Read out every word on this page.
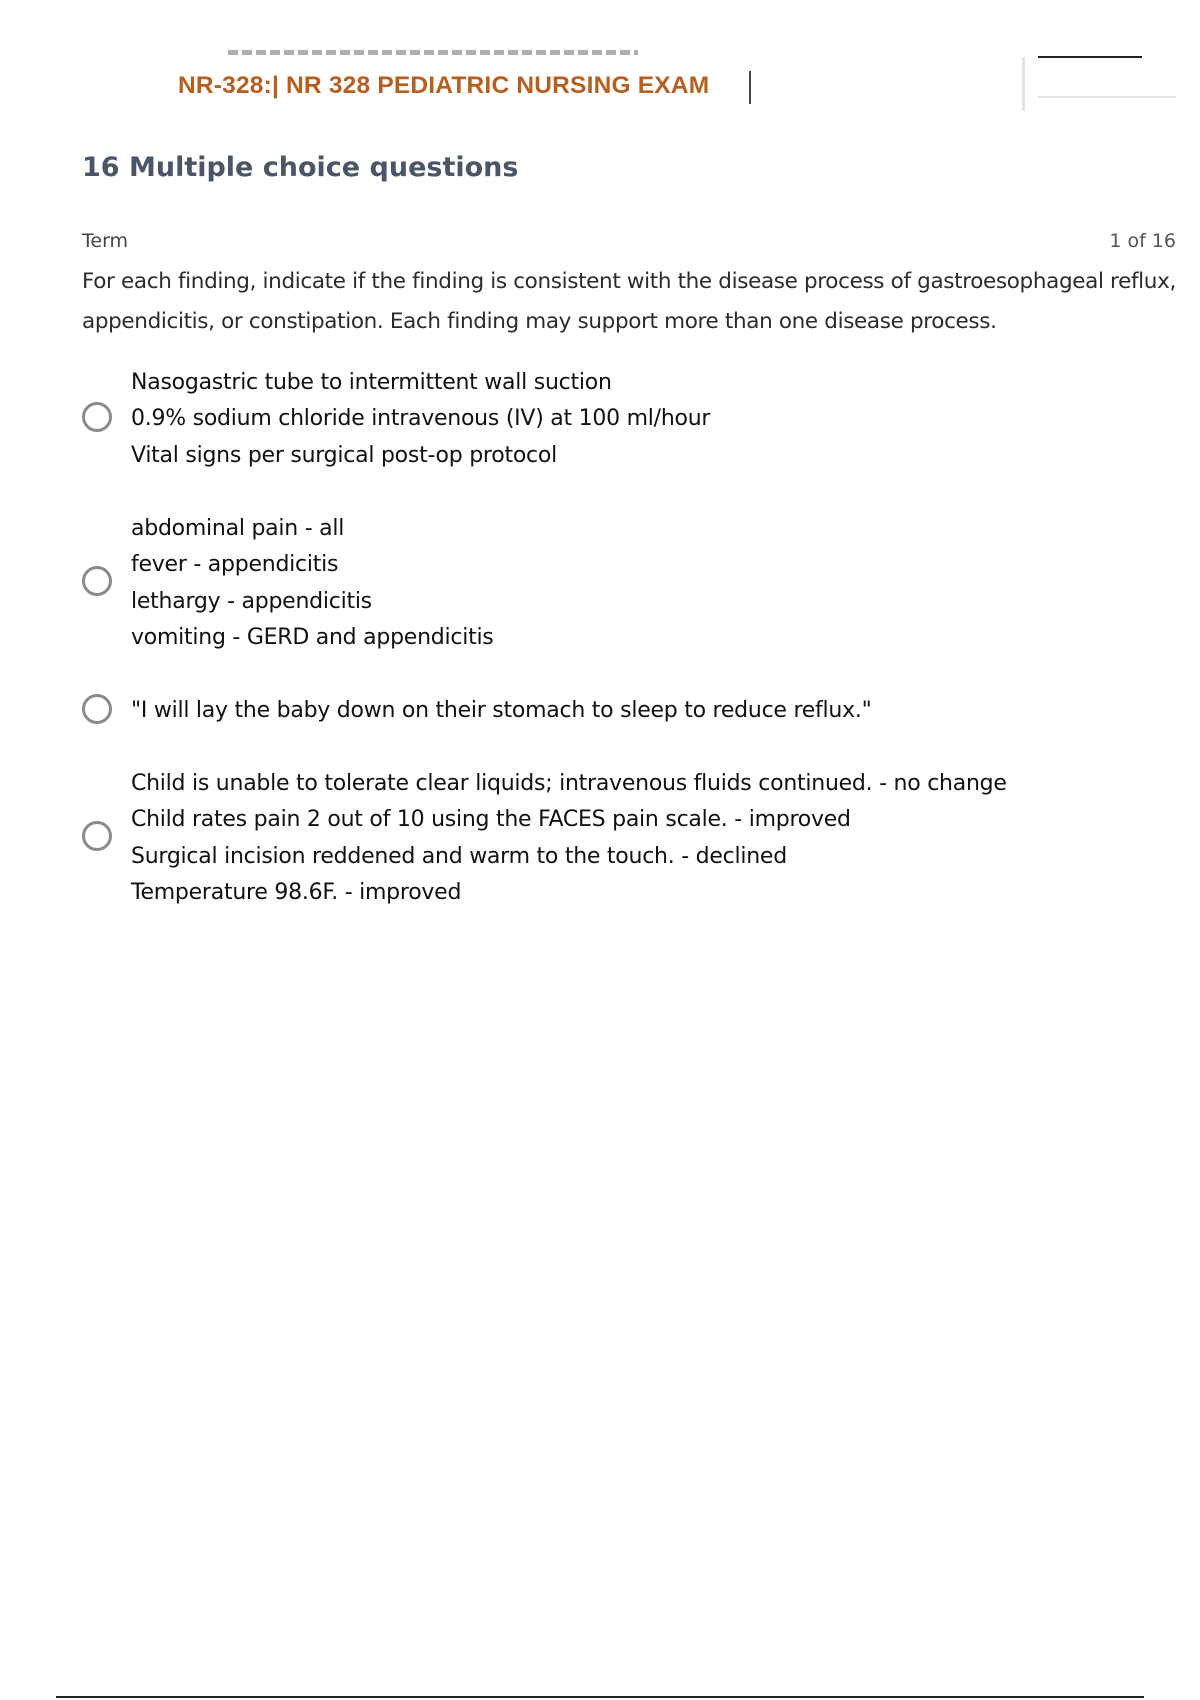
NR-328:| NR 328 PEDIATRIC NURSING EXAM
16 Multiple choice questions
Term	1 of 16
For each finding, indicate if the finding is consistent with the disease process of gastroesophageal reflux, appendicitis, or constipation. Each finding may support more than one disease process.
Nasogastric tube to intermittent wall suction
0.9% sodium chloride intravenous (IV) at 100 ml/hour
Vital signs per surgical post-op protocol
abdominal pain - all
fever - appendicitis
lethargy - appendicitis
vomiting - GERD and appendicitis
"I will lay the baby down on their stomach to sleep to reduce reflux."
Child is unable to tolerate clear liquids; intravenous fluids continued. - no change
Child rates pain 2 out of 10 using the FACES pain scale. - improved
Surgical incision reddened and warm to the touch. - declined
Temperature 98.6F. - improved
